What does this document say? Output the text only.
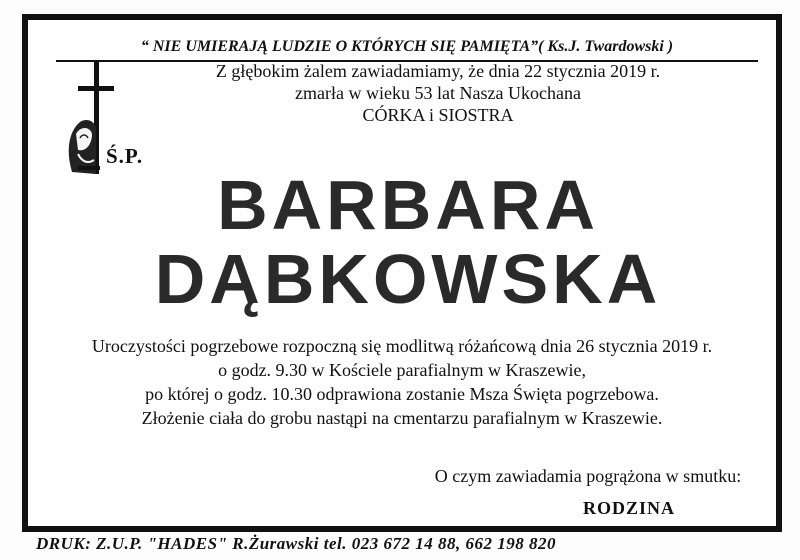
“ NIE UMIERAJĄ LUDZIE O KTÓRYCH SIĘ PAMIĘTA”( Ks.J. Twardowski )
Ś.P.
Z głębokim żalem zawiadamiamy, że dnia 22 stycznia 2019 r.
zmarła w wieku 53 lat Nasza Ukochana
CÓRKA i SIOSTRA
BARBARA
DĄBKOWSKA
Uroczystości pogrzebowe rozpoczną się modlitwą różańcową dnia 26 stycznia 2019 r.
o godz. 9.30 w Kościele parafialnym w Kraszewie,
po której o godz. 10.30 odprawiona zostanie Msza Święta pogrzebowa.
Złożenie ciała do grobu nastąpi na cmentarzu parafialnym w Kraszewie.
O czym zawiadamia pogrążona w smutku:
RODZINA
DRUK: Z.U.P. "HADES" R.Żurawski tel. 023 672 14 88, 662 198 820
